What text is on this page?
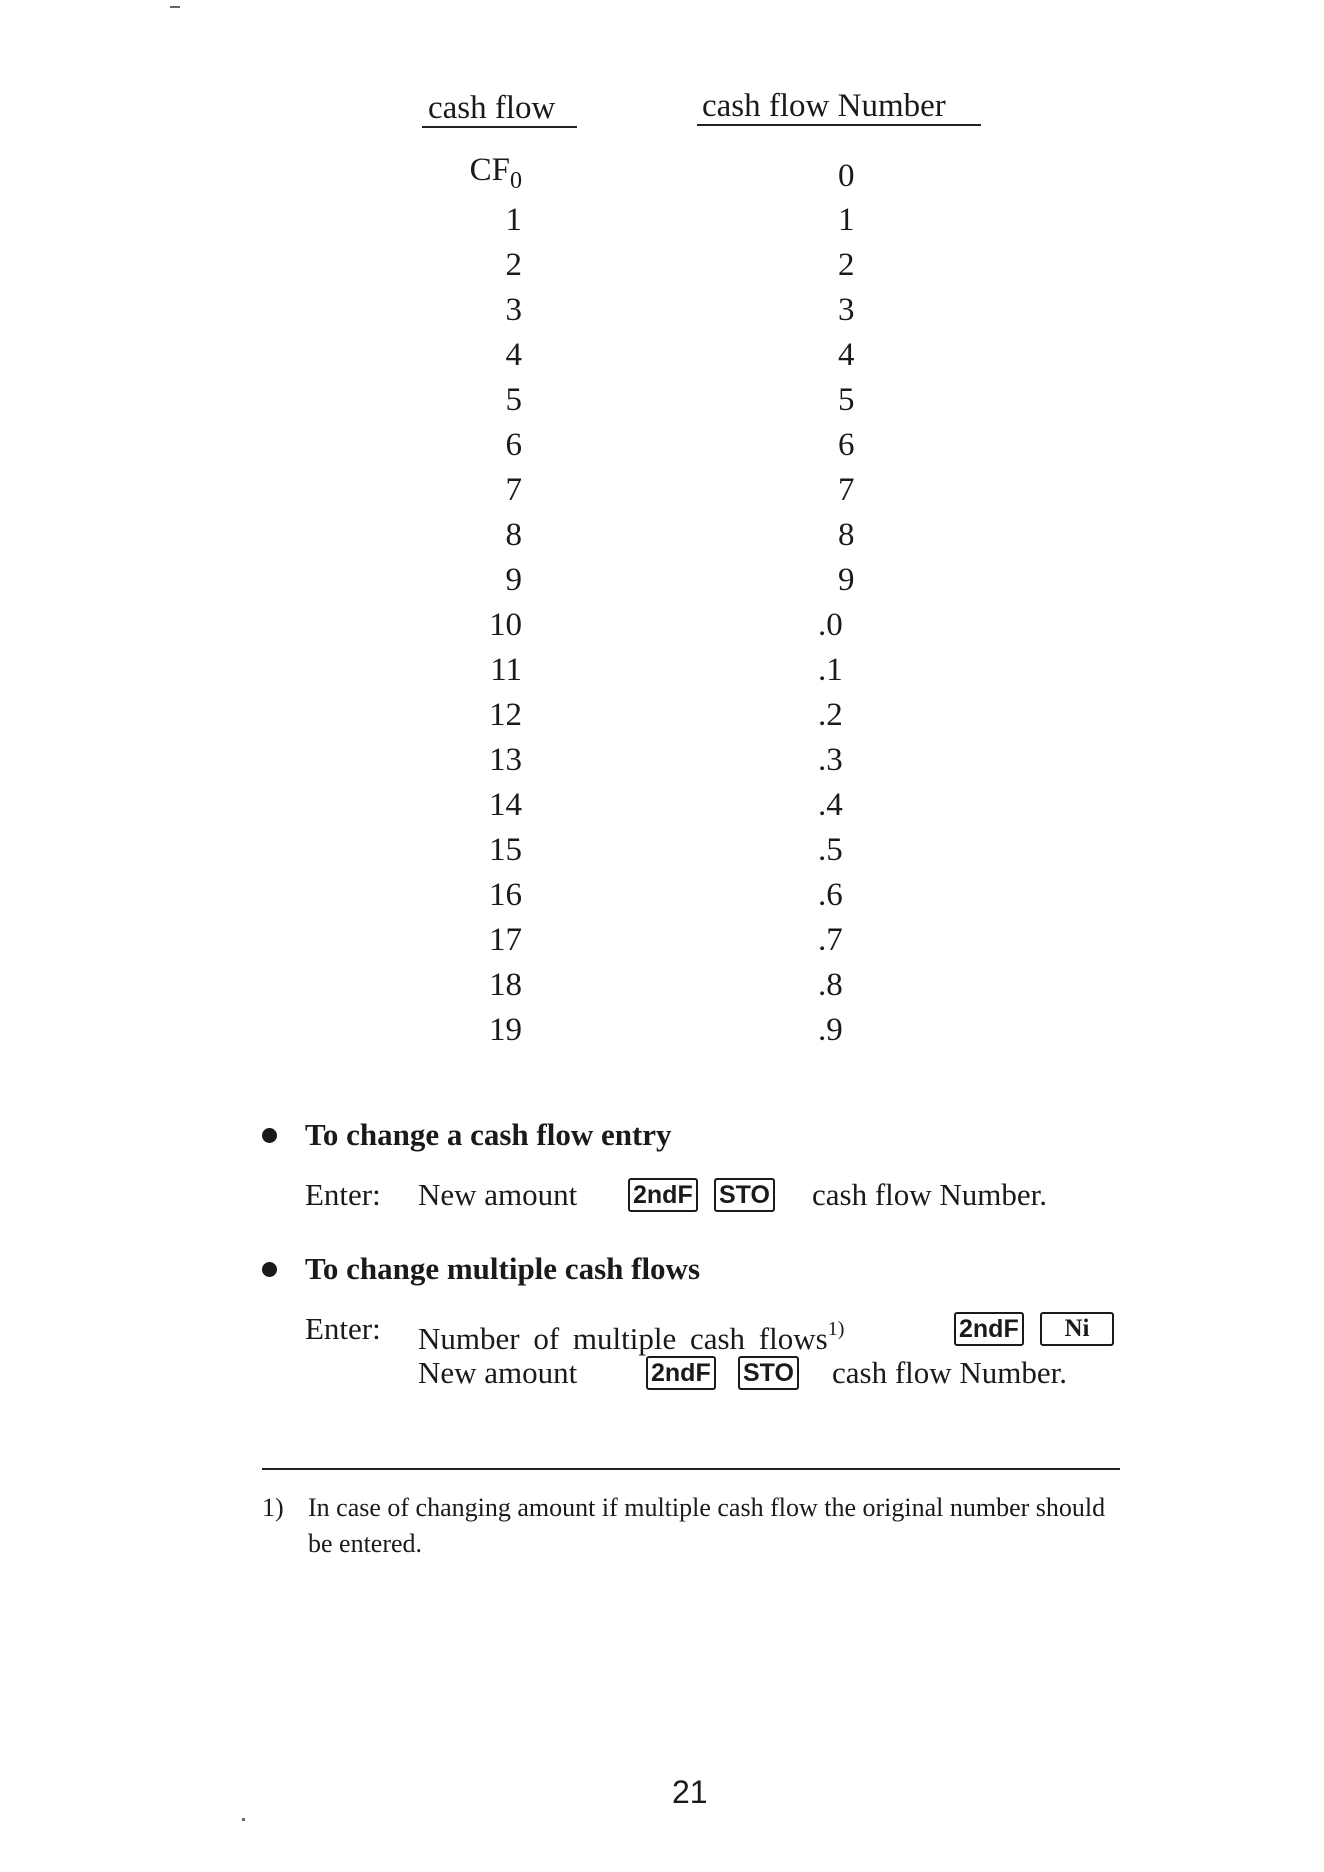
cash flow	cash flow Number
$CF_0$	0
1	1
2	2
3	3
4	4
5	5
6	6
7	7
8	8
9	9
10	.0
11	.1
12	.2
13	.3
14	.4
15	.5
16	.6
17	.7
18	.8
19	.9
To change a cash flow entry
Enter: New amount 2ndF STO cash flow Number.
To change multiple cash flows
Enter: Number of multiple cash flows$^{1)}$	2ndF	Ni
New amount	2ndF STO cash flow Number.
1) In case of changing amount if multiple cash flow the original number should be entered.
21
